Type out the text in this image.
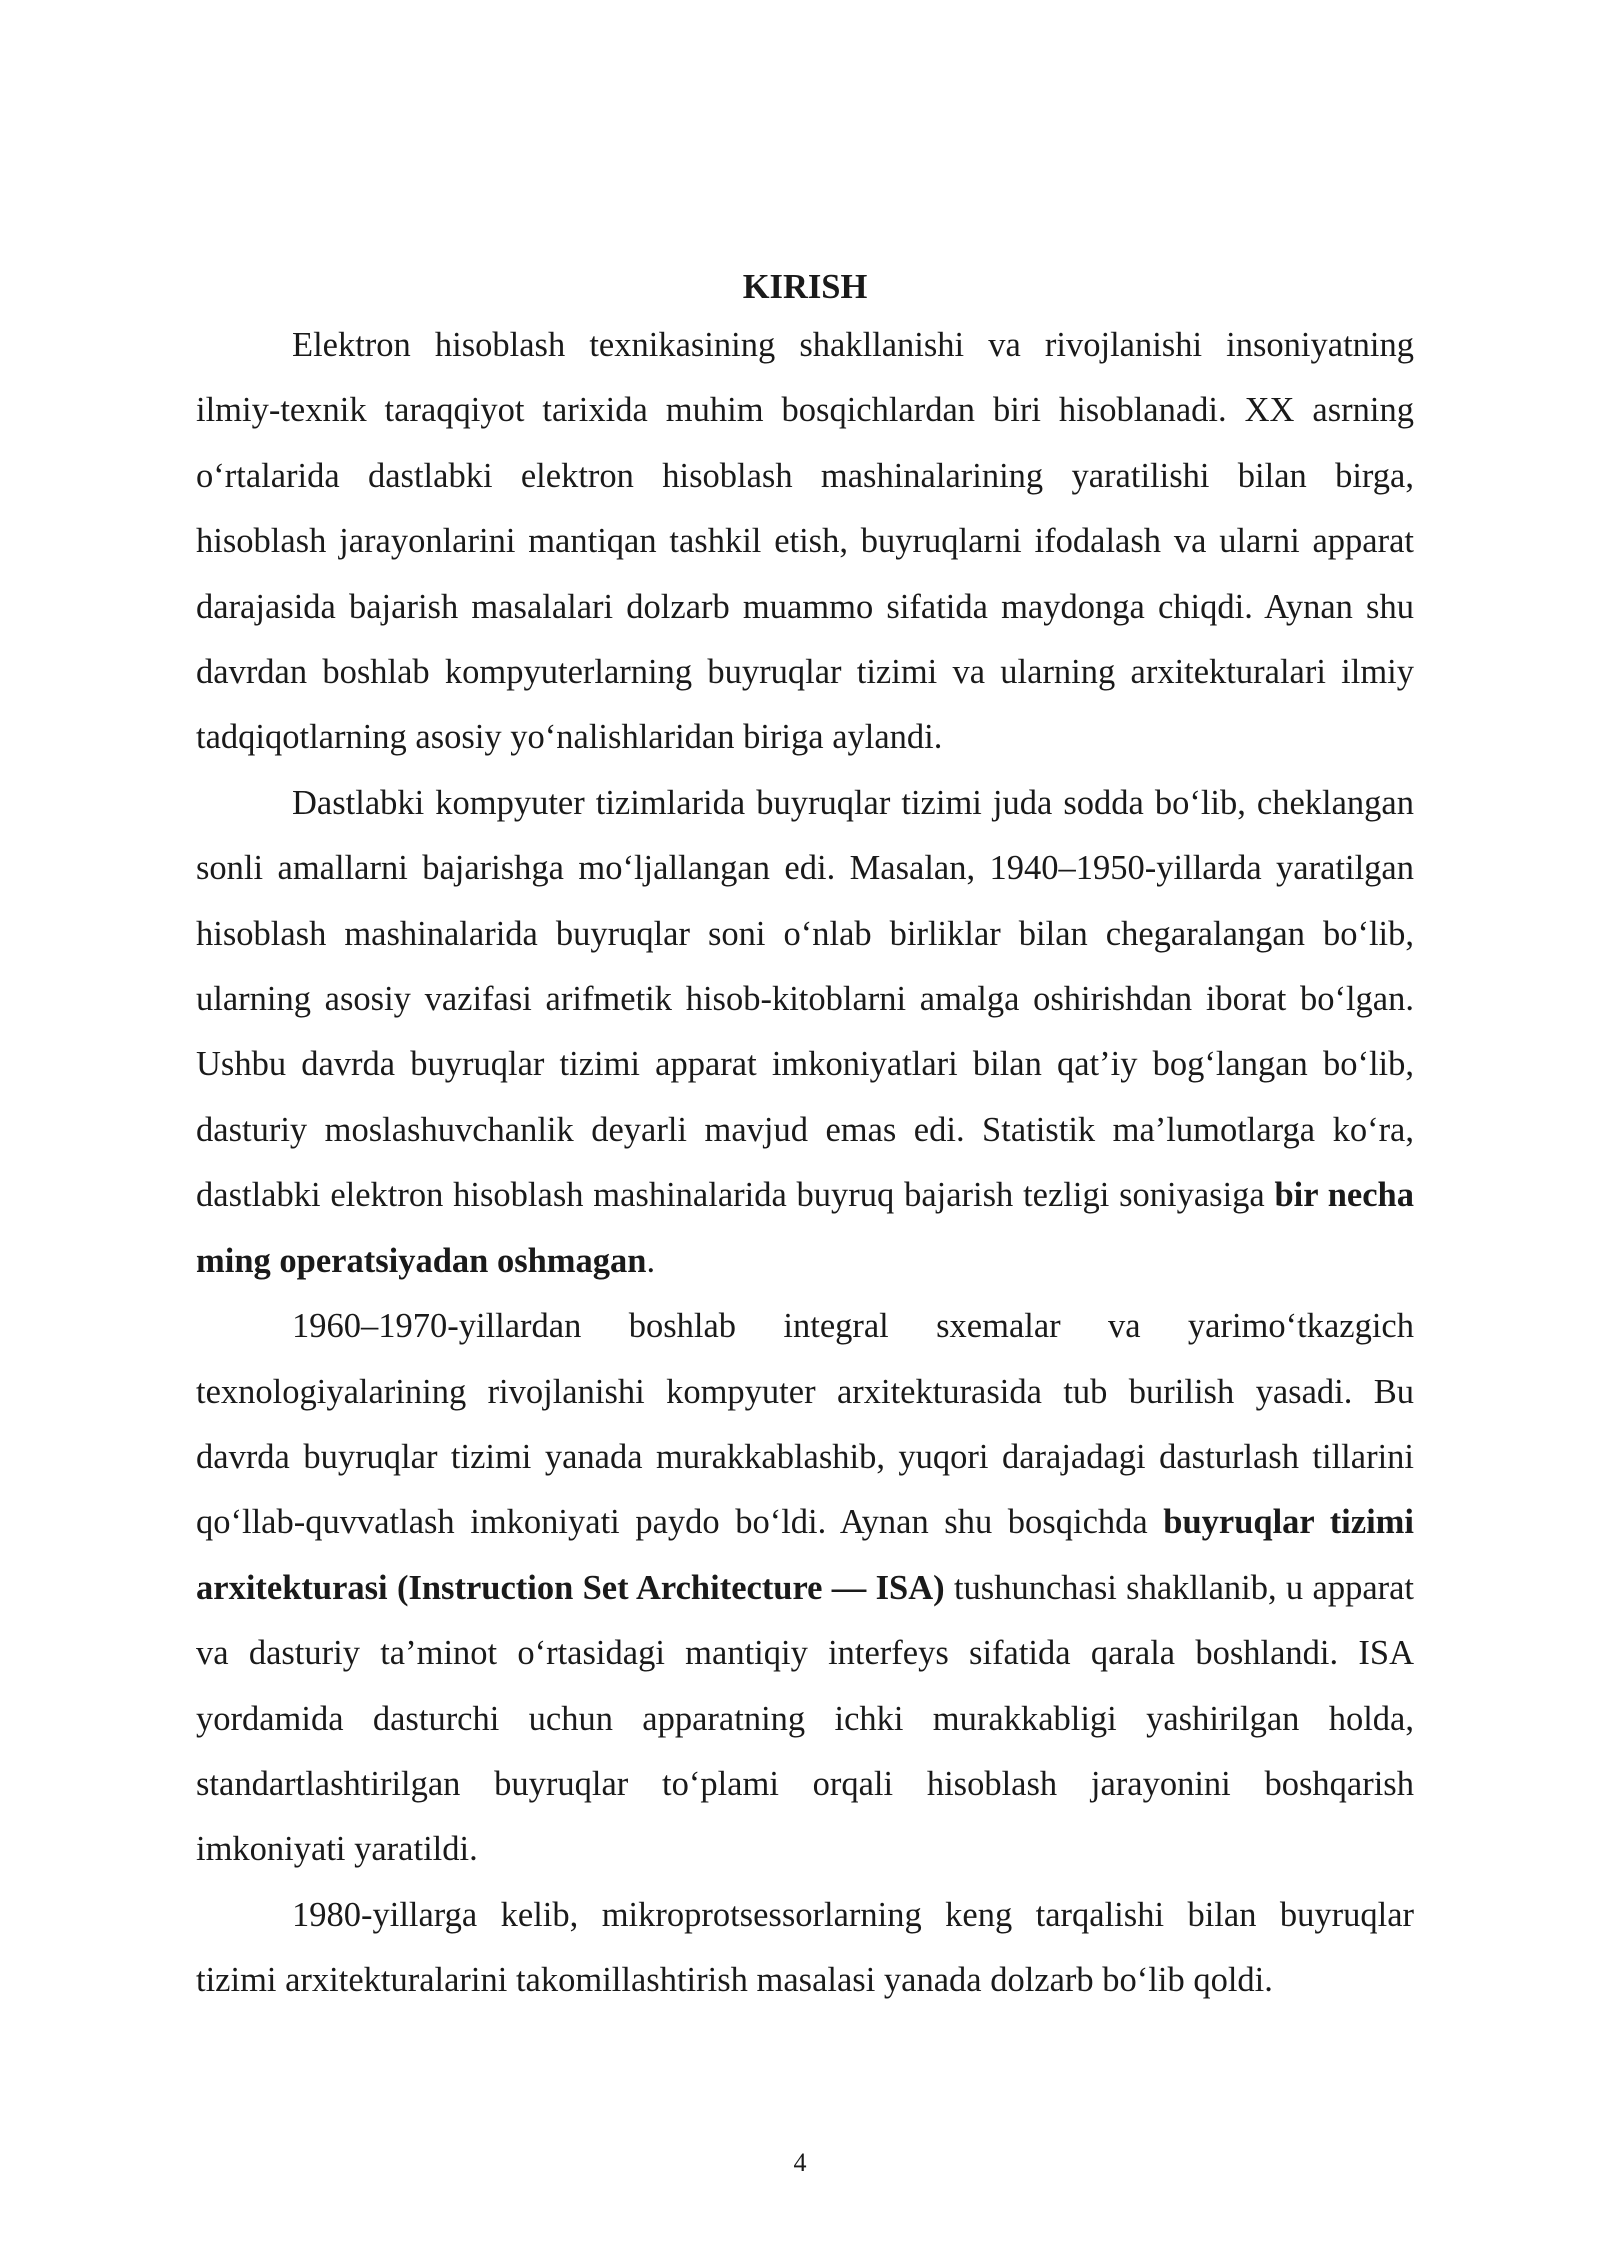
KIRISH

Elektron hisoblash texnikasining shakllanishi va rivojlanishi insoniyatning ilmiy-texnik taraqqiyot tarixida muhim bosqichlardan biri hisoblanadi. XX asrning o‘rtalarida dastlabki elektron hisoblash mashinalarining yaratilishi bilan birga, hisoblash jarayonlarini mantiqan tashkil etish, buyruqlarni ifodalash va ularni apparat darajasida bajarish masalalari dolzarb muammo sifatida maydonga chiqdi. Aynan shu davrdan boshlab kompyuterlarning buyruqlar tizimi va ularning arxitekturalari ilmiy tadqiqotlarning asosiy yo‘nalishlaridan biriga aylandi.

Dastlabki kompyuter tizimlarida buyruqlar tizimi juda sodda bo‘lib, cheklangan sonli amallarni bajarishga mo‘ljallangan edi. Masalan, 1940–1950-yillarda yaratilgan hisoblash mashinalarida buyruqlar soni o‘nlab birliklar bilan chegaralangan bo‘lib, ularning asosiy vazifasi arifmetik hisob-kitoblarni amalga oshirishdan iborat bo‘lgan. Ushbu davrda buyruqlar tizimi apparat imkoniyatlari bilan qat’iy bog‘langan bo‘lib, dasturiy moslashuvchanlik deyarli mavjud emas edi. Statistik ma’lumotlarga ko‘ra, dastlabki elektron hisoblash mashinalarida buyruq bajarish tezligi soniyasiga bir necha ming operatsiyadan oshmagan.

1960–1970-yillardan boshlab integral sxemalar va yarimo‘tkazgich texnologiyalarining rivojlanishi kompyuter arxitekturasida tub burilish yasadi. Bu davrda buyruqlar tizimi yanada murakkablashib, yuqori darajadagi dasturlash tillarini qo‘llab-quvvatlash imkoniyati paydo bo‘ldi. Aynan shu bosqichda buyruqlar tizimi arxitekturasi (Instruction Set Architecture — ISA) tushunchasi shakllanib, u apparat va dasturiy ta’minot o‘rtasidagi mantiqiy interfeys sifatida qarala boshlandi. ISA yordamida dasturchi uchun apparatning ichki murakkabligi yashirilgan holda, standartlashtirilgan buyruqlar to‘plami orqali hisoblash jarayonini boshqarish imkoniyati yaratildi.

1980-yillarga kelib, mikroprotsessorlarning keng tarqalishi bilan buyruqlar tizimi arxitekturalarini takomillashtirish masalasi yanada dolzarb bo‘lib qoldi.

4
